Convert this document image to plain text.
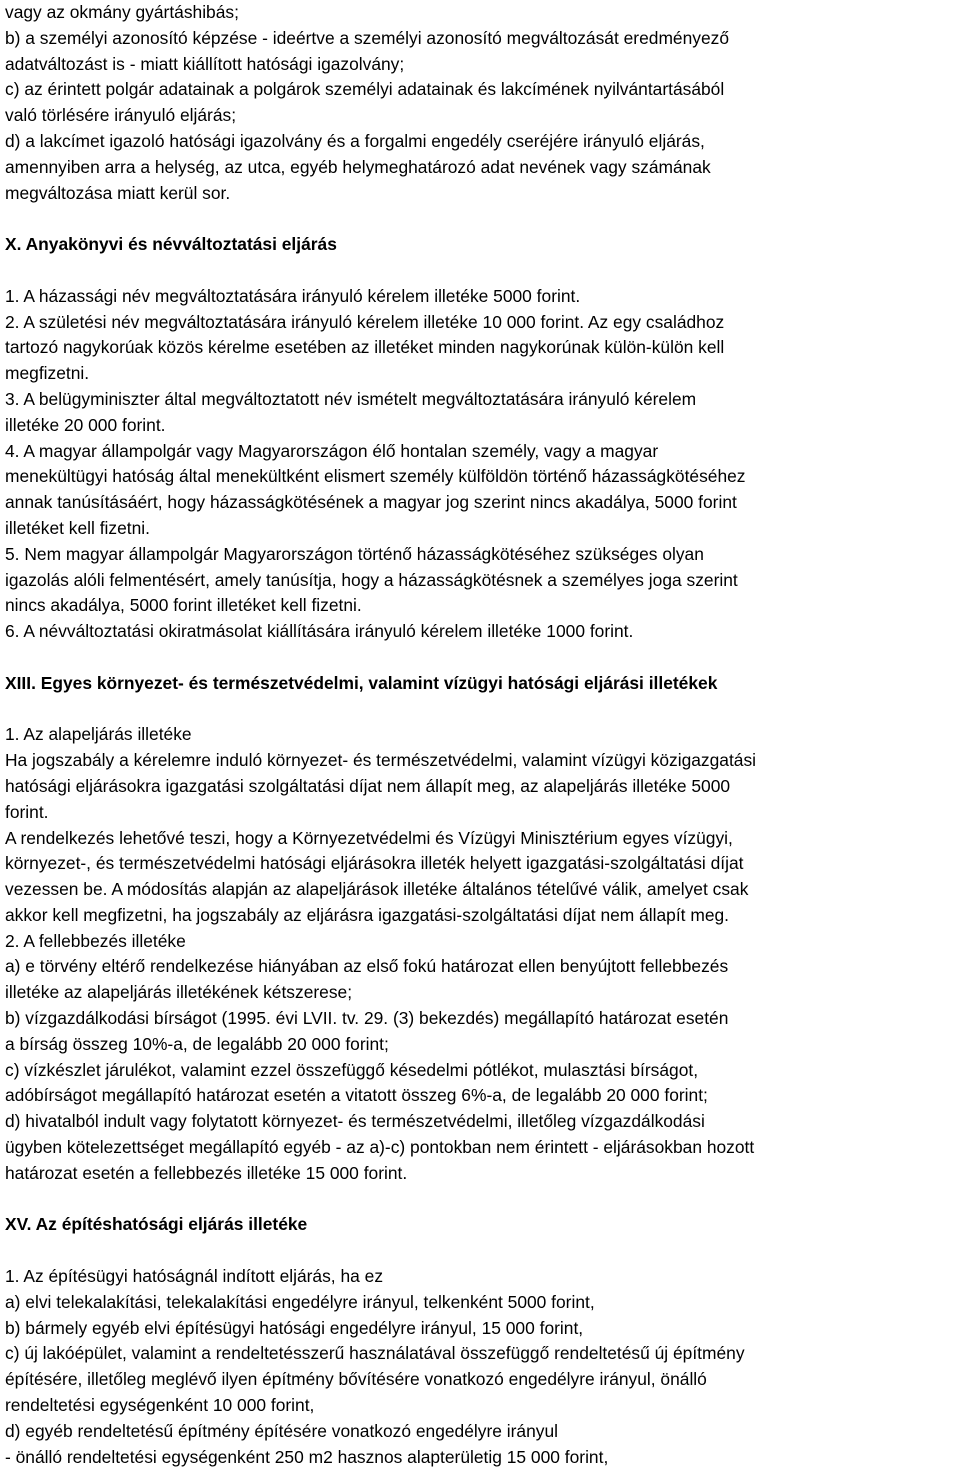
vagy az okmány gyártáshibás;
b) a személyi azonosító képzése - ideértve a személyi azonosító megváltozását eredményező
adatváltozást is - miatt kiállított hatósági igazolvány;
c) az érintett polgár adatainak a polgárok személyi adatainak és lakcímének nyilvántartásából
való törlésére irányuló eljárás;
d) a lakcímet igazoló hatósági igazolvány és a forgalmi engedély cseréjére irányuló eljárás,
amennyiben arra a helység, az utca, egyéb helymeghatározó adat nevének vagy számának
megváltozása miatt kerül sor.
X. Anyakönyvi és névváltoztatási eljárás
1. A házassági név megváltoztatására irányuló kérelem illetéke 5000 forint.
2. A születési név megváltoztatására irányuló kérelem illetéke 10 000 forint. Az egy családhoz
tartozó nagykorúak közös kérelme esetében az illetéket minden nagykorúnak külön-külön kell
megfizetni.
3. A belügyminiszter által megváltoztatott név ismételt megváltoztatására irányuló kérelem
illetéke 20 000 forint.
4. A magyar állampolgár vagy Magyarországon élő hontalan személy, vagy a magyar
menekültügyi hatóság által menekültként elismert személy külföldön történő házasságkötéséhez
annak tanúsításáért, hogy házasságkötésének a magyar jog szerint nincs akadálya, 5000 forint
illetéket kell fizetni.
5. Nem magyar állampolgár Magyarországon történő házasságkötéséhez szükséges olyan
igazolás alóli felmentésért, amely tanúsítja, hogy a házasságkötésnek a személyes joga szerint
nincs akadálya, 5000 forint illetéket kell fizetni.
6. A névváltoztatási okiratmásolat kiállítására irányuló kérelem illetéke 1000 forint.
XIII. Egyes környezet- és természetvédelmi, valamint vízügyi hatósági eljárási illetékek
1. Az alapeljárás illetéke
Ha jogszabály a kérelemre induló környezet- és természetvédelmi, valamint vízügyi közigazgatási
hatósági eljárásokra igazgatási szolgáltatási díjat nem állapít meg, az alapeljárás illetéke 5000
forint.
A rendelkezés lehetővé teszi, hogy a Környezetvédelmi és Vízügyi Minisztérium egyes vízügyi,
környezet-, és természetvédelmi hatósági eljárásokra illeték helyett igazgatási-szolgáltatási díjat
vezessen be. A módosítás alapján az alapeljárások illetéke általános tételűvé válik, amelyet csak
akkor kell megfizetni, ha jogszabály az eljárásra igazgatási-szolgáltatási díjat nem állapít meg.
2. A fellebbezés illetéke
a) e törvény eltérő rendelkezése hiányában az első fokú határozat ellen benyújtott fellebbezés
illetéke az alapeljárás illetékének kétszerese;
b) vízgazdálkodási bírságot (1995. évi LVII. tv. 29. (3) bekezdés) megállapító határozat esetén
a bírság összeg 10%-a, de legalább 20 000 forint;
c) vízkészlet járulékot, valamint ezzel összefüggő késedelmi pótlékot, mulasztási bírságot,
adóbírságot megállapító határozat esetén a vitatott összeg 6%-a, de legalább 20 000 forint;
d) hivatalból indult vagy folytatott környezet- és természetvédelmi, illetőleg vízgazdálkodási
ügyben kötelezettséget megállapító egyéb - az a)-c) pontokban nem érintett - eljárásokban hozott
határozat esetén a fellebbezés illetéke 15 000 forint.
XV. Az építéshatósági eljárás illetéke
1. Az építésügyi hatóságnál indított eljárás, ha ez
a) elvi telekalakítási, telekalakítási engedélyre irányul, telkenként 5000 forint,
b) bármely egyéb elvi építésügyi hatósági engedélyre irányul, 15 000 forint,
c) új lakóépület, valamint a rendeltetésszerű használatával összefüggő rendeltetésű új építmény
építésére, illetőleg meglévő ilyen építmény bővítésére vonatkozó engedélyre irányul, önálló
rendeltetési egységenként 10 000 forint,
d) egyéb rendeltetésű építmény építésére vonatkozó engedélyre irányul
- önálló rendeltetési egységenként 250 m2 hasznos alapterületig 15 000 forint,
